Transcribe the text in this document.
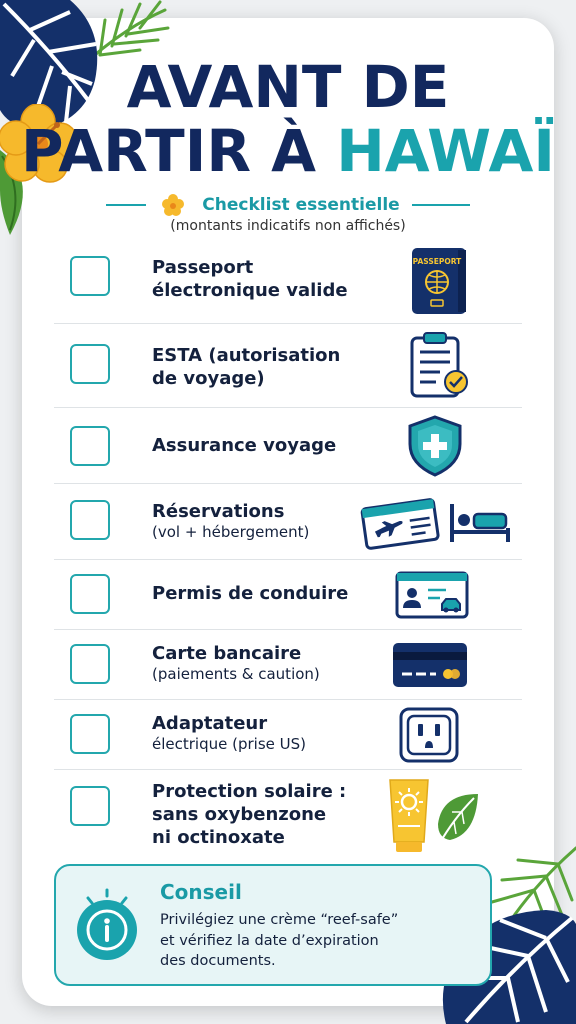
AVANT DE
PARTIR À HAWAÏ
Checklist essentielle
(montants indicatifs non affichés)
Passeport
électronique valide
PASSEPORT
ESTA (autorisation
de voyage)
Assurance voyage
Réservations
(vol + hébergement)
Permis de conduire
Carte bancaire
(paiements & caution)
Adaptateur
électrique (prise US)
Protection solaire :
sans oxybenzone
ni octinoxate
Conseil
Privilégiez une crème “reef-safe”
et vérifiez la date d’expiration
des documents.
